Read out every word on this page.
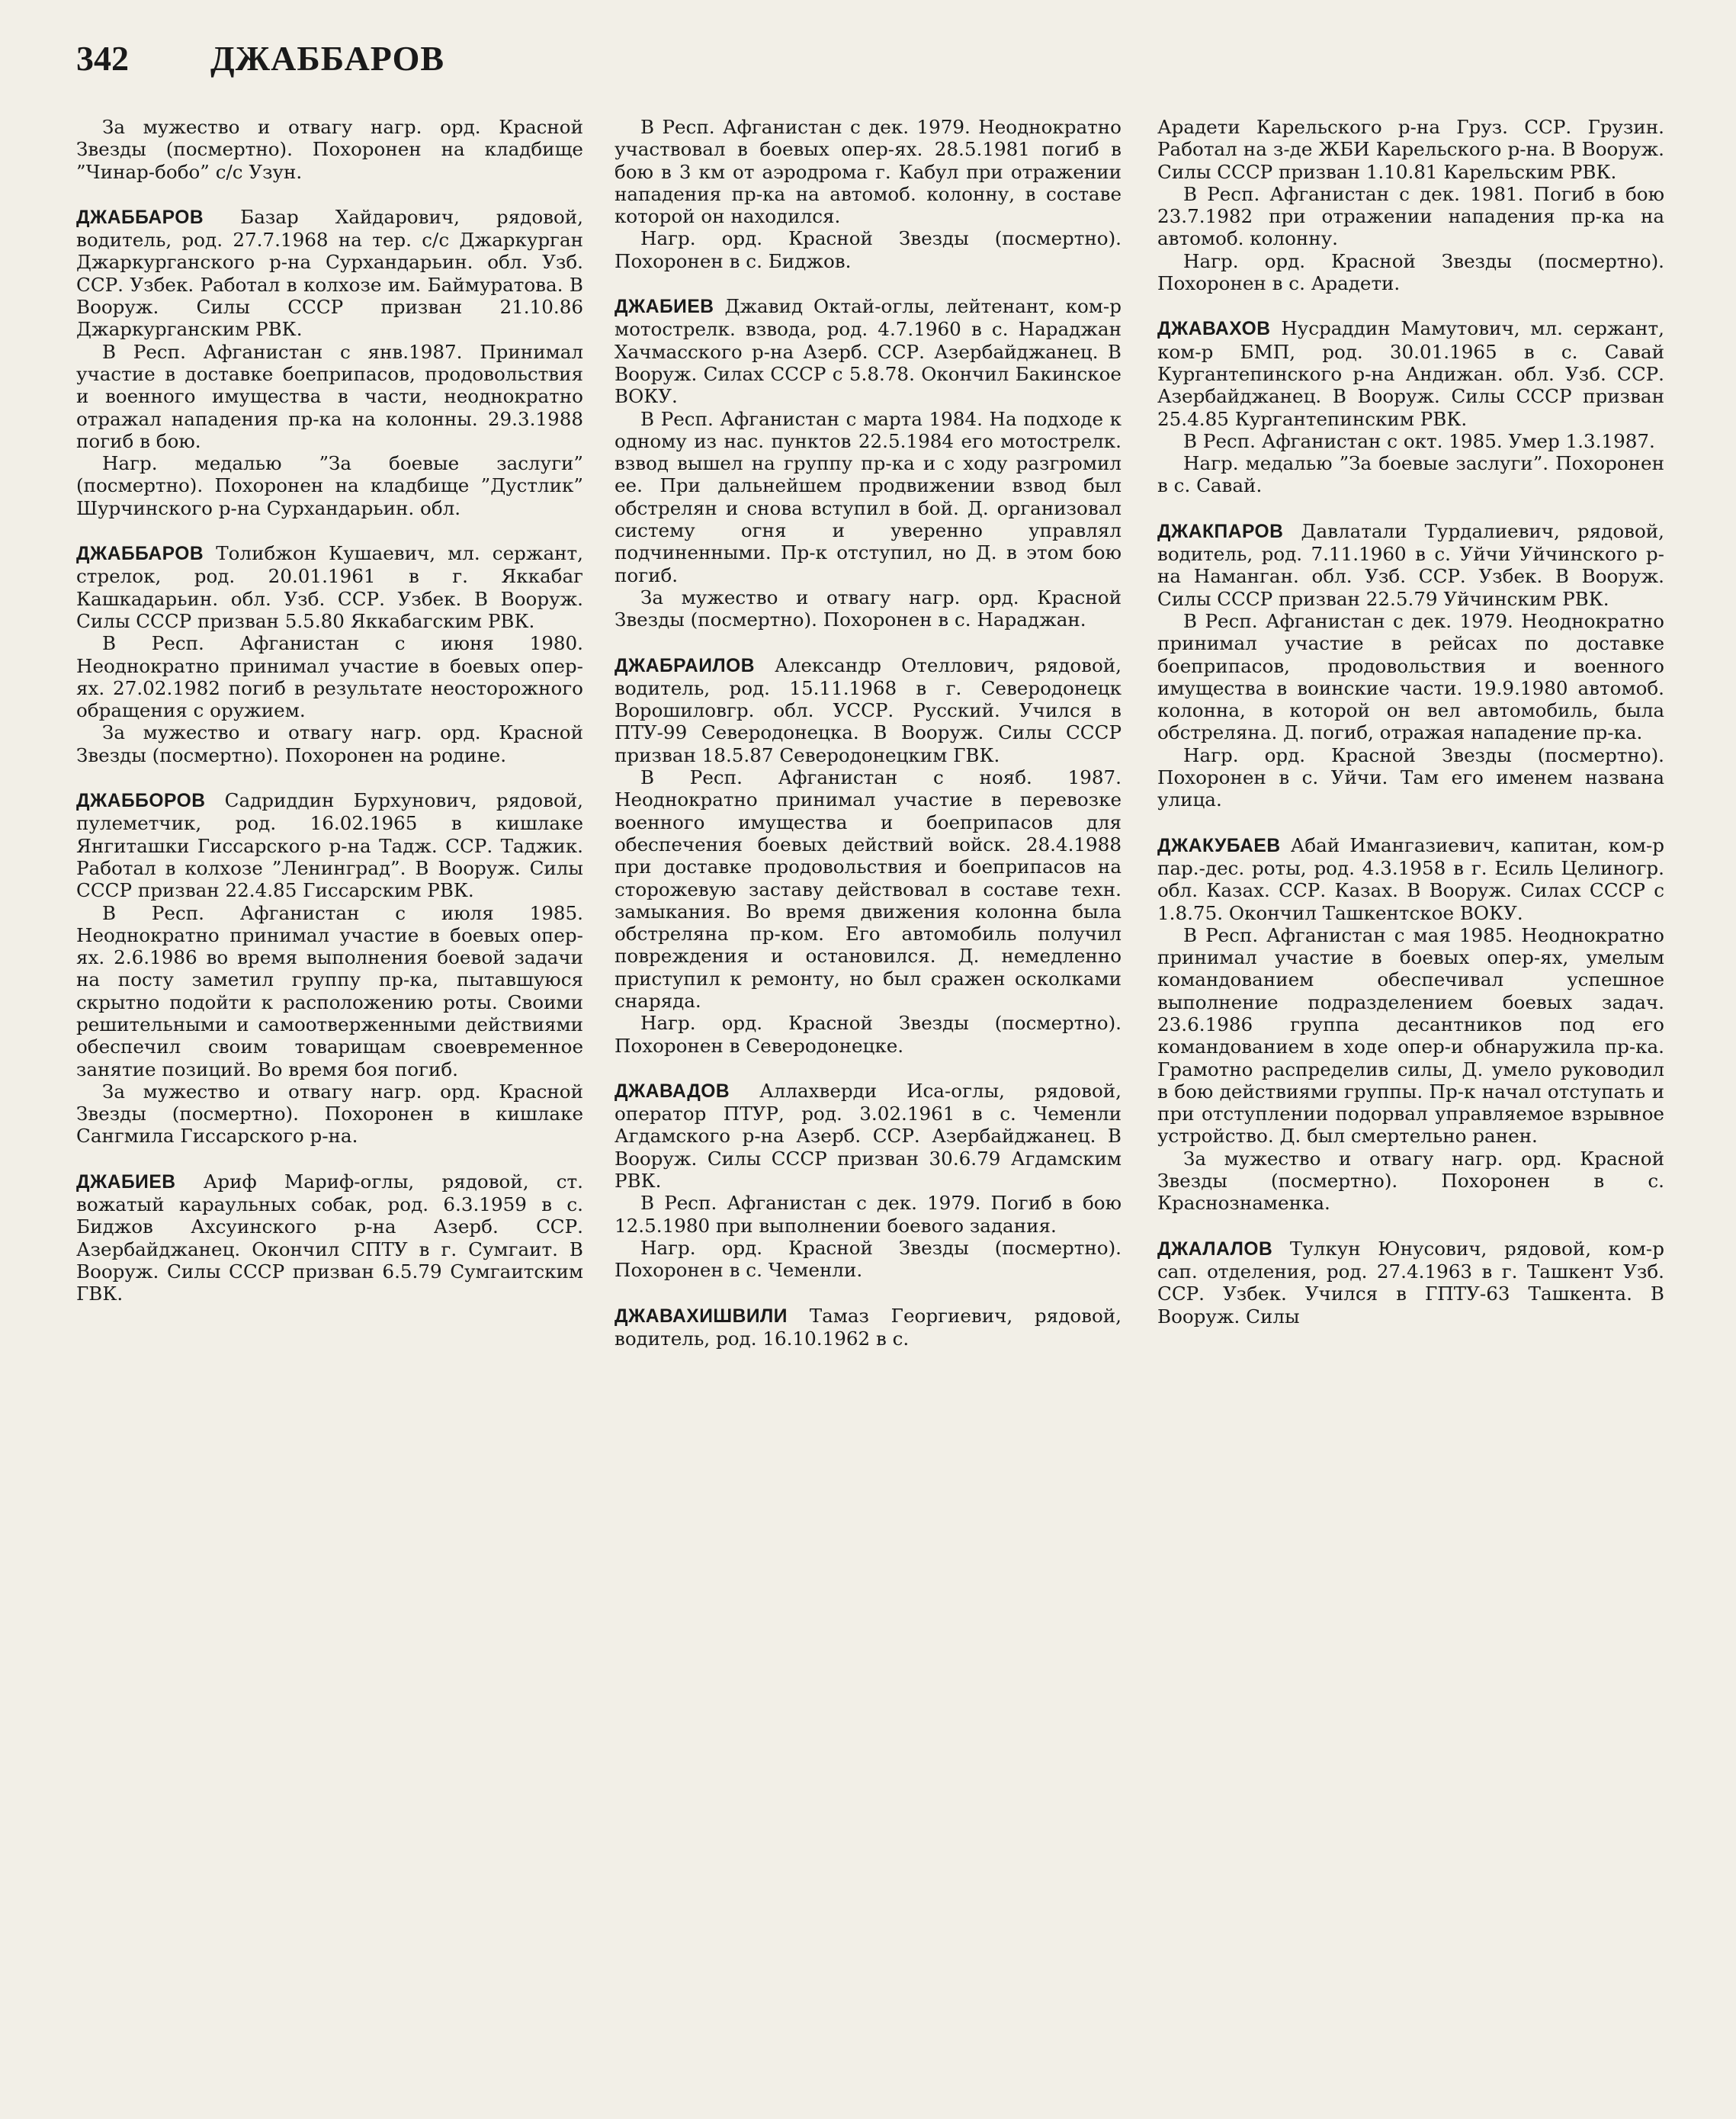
342 ДЖАББАРОВ

За мужество и отвагу нагр. орд. Красной Звезды (посмертно). Похоронен на кладбище ”Чинар-бобо” с/с Узун.

ДЖАББАРОВ Базар Хайдарович, рядовой, водитель, род. 27.7.1968 на тер. с/с Джаркурган Джаркурганского р-на Сурхандарьин. обл. Узб. ССР. Узбек. Работал в колхозе им. Баймуратова. В Вооруж. Силы СССР призван 21.10.86 Джаркурганским РВК.

В Респ. Афганистан с янв.1987. Принимал участие в доставке боеприпасов, продовольствия и военного имущества в части, неоднократно отражал нападения пр-ка на колонны. 29.3.1988 погиб в бою.

Нагр. медалью ”За боевые заслуги” (посмертно). Похоронен на кладбище ”Дустлик” Шурчинского р-на Сурхандарьин. обл.

ДЖАББАРОВ Толибжон Кушаевич, мл. сержант, стрелок, род. 20.01.1961 в г. Яккабаг Кашкадарьин. обл. Узб. ССР. Узбек. В Вооруж. Силы СССР призван 5.5.80 Яккабагским РВК.

В Респ. Афганистан с июня 1980. Неоднократно принимал участие в боевых опер-ях. 27.02.1982 погиб в результате неосторожного обращения с оружием.

За мужество и отвагу нагр. орд. Красной Звезды (посмертно). Похоронен на родине.

ДЖАББОРОВ Садриддин Бурхунович, рядовой, пулеметчик, род. 16.02.1965 в кишлаке Янгиташки Гиссарского р-на Тадж. ССР. Таджик. Работал в колхозе ”Ленинград”. В Вооруж. Силы СССР призван 22.4.85 Гиссарским РВК.

В Респ. Афганистан с июля 1985. Неоднократно принимал участие в боевых опер-ях. 2.6.1986 во время выполнения боевой задачи на посту заметил группу пр-ка, пытавшуюся скрытно подойти к расположению роты. Своими решительными и самоотверженными действиями обеспечил своим товарищам своевременное занятие позиций. Во время боя погиб.

За мужество и отвагу нагр. орд. Красной Звезды (посмертно). Похоронен в кишлаке Сангмила Гиссарского р-на.

ДЖАБИЕВ Ариф Мариф-оглы, рядовой, ст. вожатый караульных собак, род. 6.3.1959 в с. Биджов Ахсуинского р-на Азерб. ССР. Азербайджанец. Окончил СПТУ в г. Сумгаит. В Вооруж. Силы СССР призван 6.5.79 Сумгаитским ГВК.

В Респ. Афганистан с дек. 1979. Неоднократно участвовал в боевых опер-ях. 28.5.1981 погиб в бою в 3 км от аэродрома г. Кабул при отражении нападения пр-ка на автомоб. колонну, в составе которой он находился.

Нагр. орд. Красной Звезды (посмертно). Похоронен в с. Биджов.

ДЖАБИЕВ Джавид Октай-оглы, лейтенант, ком-р мотострелк. взвода, род. 4.7.1960 в с. Нараджан Хачмасского р-на Азерб. ССР. Азербайджанец. В Вооруж. Силах СССР с 5.8.78. Окончил Бакинское ВОКУ.

В Респ. Афганистан с марта 1984. На подходе к одному из нас. пунктов 22.5.1984 его мотострелк. взвод вышел на группу пр-ка и с ходу разгромил ее. При дальнейшем продвижении взвод был обстрелян и снова вступил в бой. Д. организовал систему огня и уверенно управлял подчиненными. Пр-к отступил, но Д. в этом бою погиб.

За мужество и отвагу нагр. орд. Красной Звезды (посмертно). Похоронен в с. Нараджан.

ДЖАБРАИЛОВ Александр Отеллович, рядовой, водитель, род. 15.11.1968 в г. Северодонецк Ворошиловгр. обл. УССР. Русский. Учился в ПТУ-99 Северодонецка. В Вооруж. Силы СССР призван 18.5.87 Северодонецким ГВК.

В Респ. Афганистан с нояб. 1987. Неоднократно принимал участие в перевозке военного имущества и боеприпасов для обеспечения боевых действий войск. 28.4.1988 при доставке продовольствия и боеприпасов на сторожевую заставу действовал в составе техн. замыкания. Во время движения колонна была обстреляна пр-ком. Его автомобиль получил повреждения и остановился. Д. немедленно приступил к ремонту, но был сражен осколками снаряда.

Нагр. орд. Красной Звезды (посмертно). Похоронен в Северодонецке.

ДЖАВАДОВ Аллахверди Иса-оглы, рядовой, оператор ПТУР, род. 3.02.1961 в с. Чеменли Агдамского р-на Азерб. ССР. Азербайджанец. В Вооруж. Силы СССР призван 30.6.79 Агдамским РВК.

В Респ. Афганистан с дек. 1979. Погиб в бою 12.5.1980 при выполнении боевого задания.

Нагр. орд. Красной Звезды (посмертно). Похоронен в с. Чеменли.

ДЖАВАХИШВИЛИ Тамаз Георгиевич, рядовой, водитель, род. 16.10.1962 в с.

Арадети Карельского р-на Груз. ССР. Грузин. Работал на з-де ЖБИ Карельского р-на. В Вооруж. Силы СССР призван 1.10.81 Карельским РВК.

В Респ. Афганистан с дек. 1981. Погиб в бою 23.7.1982 при отражении нападения пр-ка на автомоб. колонну.

Нагр. орд. Красной Звезды (посмертно). Похоронен в с. Арадети.

ДЖАВАХОВ Нусраддин Мамутович, мл. сержант, ком-р БМП, род. 30.01.1965 в с. Савай Кургантепинского р-на Андижан. обл. Узб. ССР. Азербайджанец. В Вооруж. Силы СССР призван 25.4.85 Кургантепинским РВК.

В Респ. Афганистан с окт. 1985. Умер 1.3.1987.

Нагр. медалью ”За боевые заслуги”. Похоронен в с. Савай.

ДЖАКПАРОВ Давлатали Турдалиевич, рядовой, водитель, род. 7.11.1960 в с. Уйчи Уйчинского р-на Наманган. обл. Узб. ССР. Узбек. В Вооруж. Силы СССР призван 22.5.79 Уйчинским РВК.

В Респ. Афганистан с дек. 1979. Неоднократно принимал участие в рейсах по доставке боеприпасов, продовольствия и военного имущества в воинские части. 19.9.1980 автомоб. колонна, в которой он вел автомобиль, была обстреляна. Д. погиб, отражая нападение пр-ка.

Нагр. орд. Красной Звезды (посмертно). Похоронен в с. Уйчи. Там его именем названа улица.

ДЖАКУБАЕВ Абай Имангазиевич, капитан, ком-р пар.-дес. роты, род. 4.3.1958 в г. Есиль Целиногр. обл. Казах. ССР. Казах. В Вооруж. Силах СССР с 1.8.75. Окончил Ташкентское ВОКУ.

В Респ. Афганистан с мая 1985. Неоднократно принимал участие в боевых опер-ях, умелым командованием обеспечивал успешное выполнение подразделением боевых задач. 23.6.1986 группа десантников под его командованием в ходе опер-и обнаружила пр-ка. Грамотно распределив силы, Д. умело руководил в бою действиями группы. Пр-к начал отступать и при отступлении подорвал управляемое взрывное устройство. Д. был смертельно ранен.

За мужество и отвагу нагр. орд. Красной Звезды (посмертно). Похоронен в с. Краснознаменка.

ДЖАЛАЛОВ Тулкун Юнусович, рядовой, ком-р сап. отделения, род. 27.4.1963 в г. Ташкент Узб. ССР. Узбек. Учился в ГПТУ-63 Ташкента. В Вооруж. Силы
